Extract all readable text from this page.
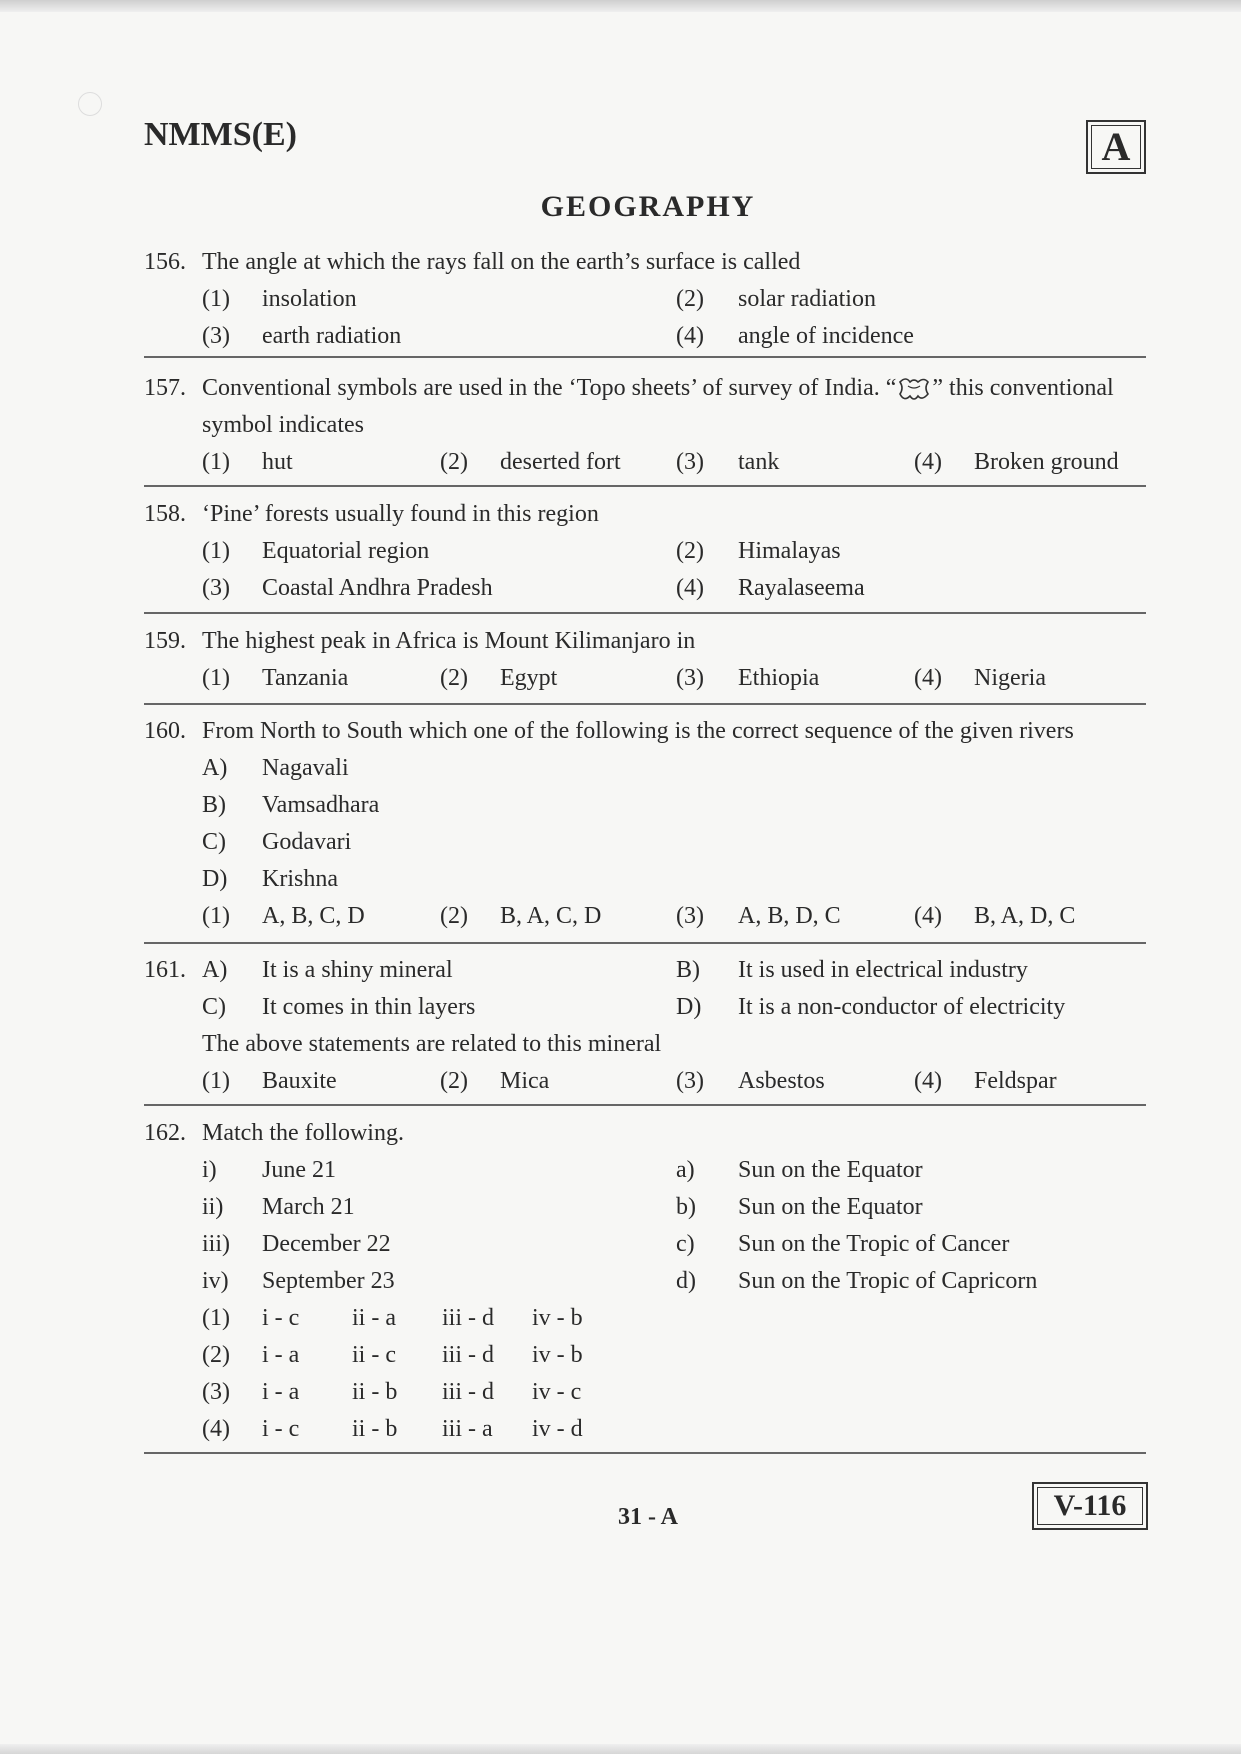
NMMS(E)	A
GEOGRAPHY
156. The angle at which the rays fall on the earth’s surface is called
(1) insolation	(2) solar radiation
(3) earth radiation	(4) angle of incidence
157. Conventional symbols are used in the ‘Topo sheets’ of survey of India. “ ” this conventional
symbol indicates
(1) hut	(2) deserted fort (3) tank	(4) Broken ground
158. ‘Pine’ forests usually found in this region
(1) Equatorial region	(2) Himalayas
(3) Coastal Andhra Pradesh	(4) Rayalaseema
159. The highest peak in Africa is Mount Kilimanjaro in
(1) Tanzania	(2) Egypt	(3) Ethiopia	(4) Nigeria
160. From North to South which one of the following is the correct sequence of the given rivers
A) Nagavali
B) Vamsadhara
C) Godavari
D) Krishna
(1) A, B, C, D	(2) B, A, C, D	(3) A, B, D, C	(4) B, A, D, C
161. A) It is a shiny mineral	B) It is used in electrical industry
C) It comes in thin layers	D) It is a non-conductor of electricity
The above statements are related to this mineral
(1) Bauxite	(2) Mica	(3) Asbestos	(4) Feldspar
162. Match the following.
i) June 21	a) Sun on the Equator
ii) March 21	b) Sun on the Equator
iii) December 22	c) Sun on the Tropic of Cancer
iv) September 23	d) Sun on the Tropic of Capricorn
(1) i - c ii - a iii - d iv - b
(2) i - a ii - c iii - d iv - b
(3) i - a ii - b iii - d iv - c
(4) i - c ii - b iii - a iv - d
V-116
31 - A
